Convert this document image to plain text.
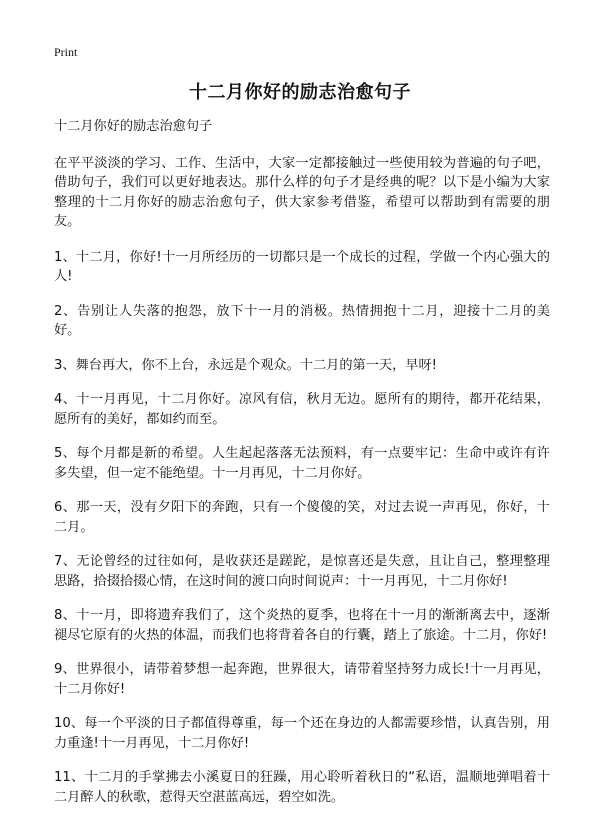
Print
十二月你好的励志治愈句子
十二月你好的励志治愈句子
在平平淡淡的学习、工作、生活中，大家一定都接触过一些使用较为普遍的句子吧，借助句子，我们可以更好地表达。那什么样的句子才是经典的呢？以下是小编为大家整理的十二月你好的励志治愈句子，供大家参考借鉴，希望可以帮助到有需要的朋友。
1、十二月，你好!十一月所经历的一切都只是一个成长的过程，学做一个内心强大的人!
2、告别让人失落的抱怨，放下十一月的消极。热情拥抱十二月，迎接十二月的美好。
3、舞台再大，你不上台，永远是个观众。十二月的第一天，早呀!
4、十一月再见，十二月你好。凉风有信，秋月无边。愿所有的期待，都开花结果，愿所有的美好，都如约而至。
5、每个月都是新的希望。人生起起落落无法预料，有一点要牢记：生命中或许有许多失望，但一定不能绝望。十一月再见，十二月你好。
6、那一天，没有夕阳下的奔跑，只有一个傻傻的笑，对过去说一声再见，你好，十二月。
7、无论曾经的过往如何，是收获还是蹉跎，是惊喜还是失意，且让自己，整理整理思路，拾掇拾掇心情，在这时间的渡口向时间说声：十一月再见，十二月你好!
8、十一月，即将遗弃我们了，这个炎热的夏季，也将在十一月的渐渐离去中，逐渐褪尽它原有的火热的体温，而我们也将背着各自的行囊，踏上了旅途。十二月，你好!
9、世界很小，请带着梦想一起奔跑，世界很大，请带着坚持努力成长!十一月再见，十二月你好!
10、每一个平淡的日子都值得尊重，每一个还在身边的人都需要珍惜，认真告别，用力重逢!十一月再见，十二月你好!
11、十二月的手掌拂去小溪夏日的狂躁，用心聆听着秋日的“私语，温顺地弹唱着十二月醉人的秋歌，惹得天空湛蓝高远，碧空如洗。
